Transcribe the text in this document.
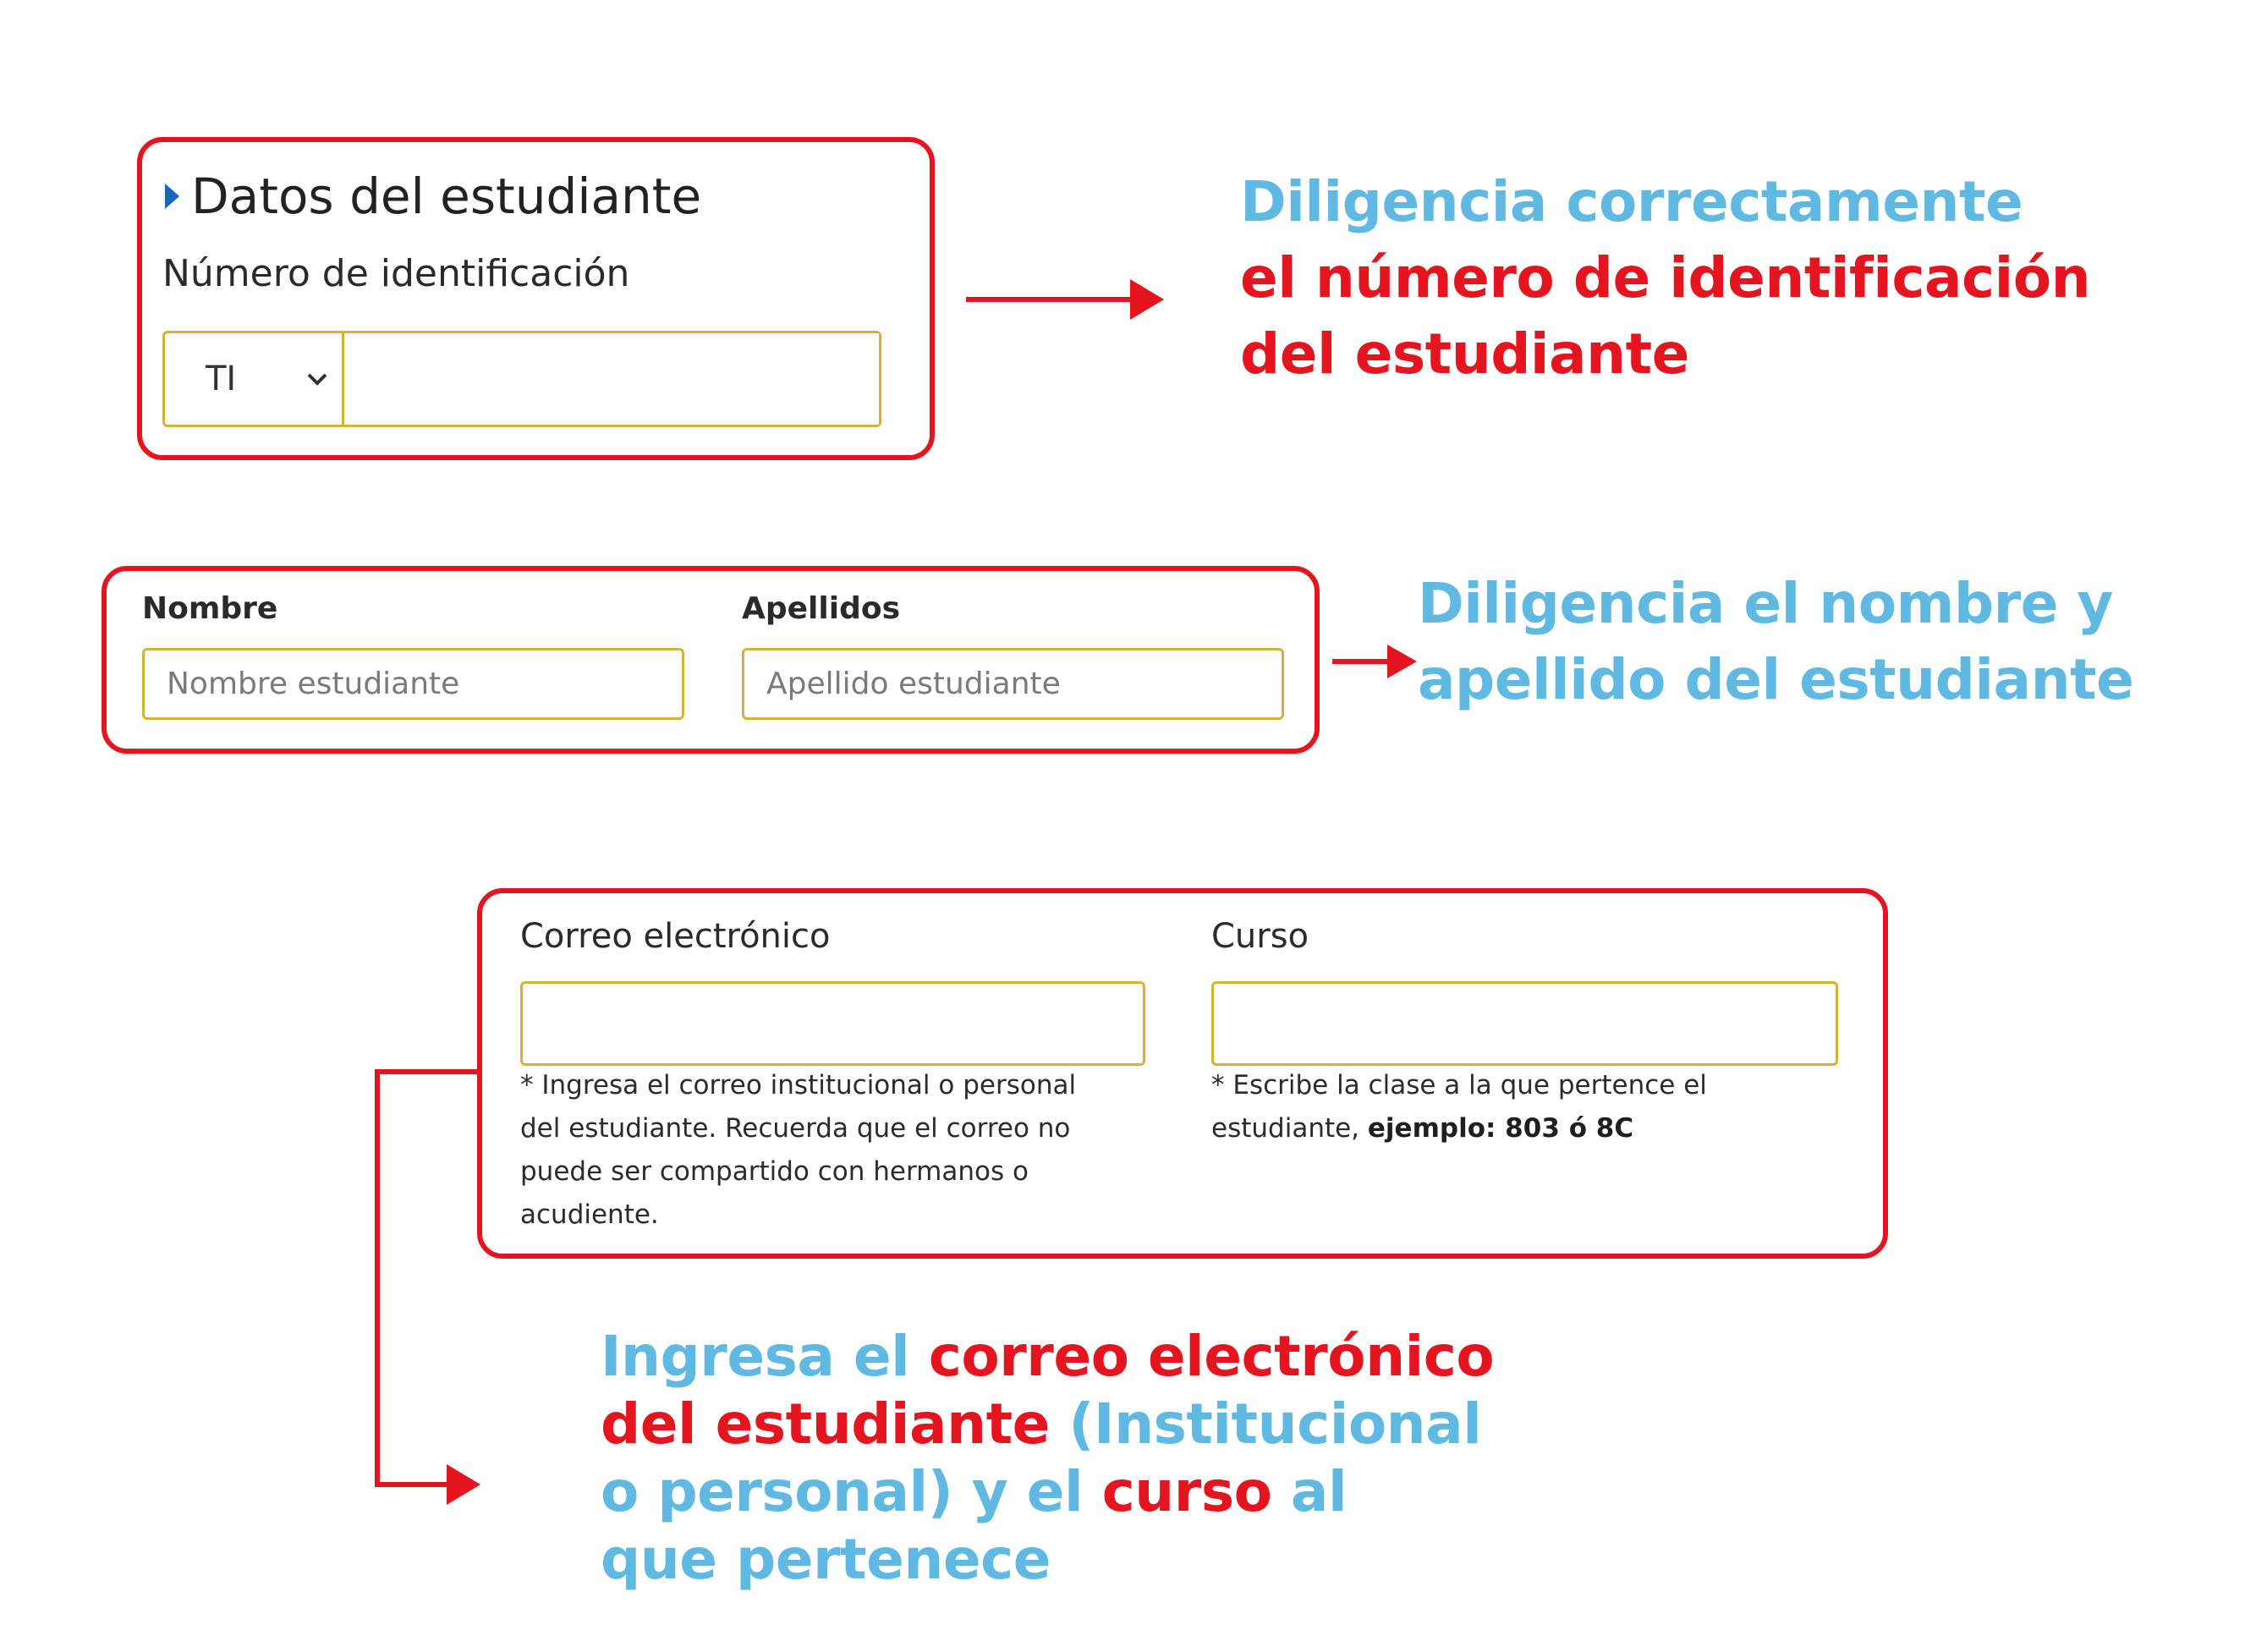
Datos del estudiante
Número de identificación
TI
Diligencia correctamente
el número de identificación
del estudiante
Nombre
Nombre estudiante	Apellidos
Apellido estudiante	Diligencia el nombre y
apellido del estudiante
Correo electrónico
* Ingresa el correo institucional o personal
del estudiante. Recuerda que el correo no
puede ser compartido con hermanos o
acudiente.
Curso
* Escribe la clase a la que pertence el
estudiante, ejemplo: 803 ó 8C
Ingresa el correo electrónico
del estudiante (Institucional
o personal) y el curso al
que pertenece
